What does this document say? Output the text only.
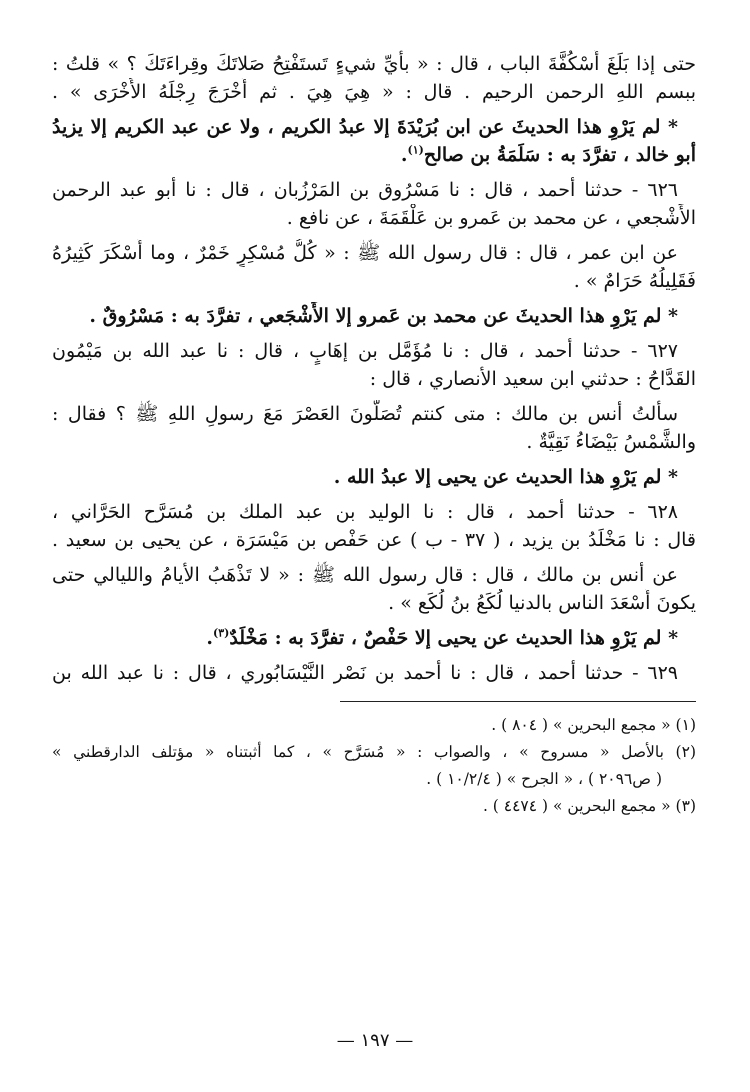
حتى إذا بَلَغَ أُسْكُفَّةَ الباب ، قال : « بأيِّ شيءٍ تَستَفْتِحُ صَلاتَكَ وقِراءَتَكَ ؟ » قلتُ :

ببسم اللهِ الرحمن الرحيم . قال : « هِيَ هِيَ . ثم أَخْرَجَ رِجْلَهُ الأُخْرَى » .

* لم يَرْوِ هذا الحديثَ عن ابن بُرَيْدَةَ إلا عبدُ الكريم ، ولا عن عبد الكريم إلا يزيدُ

أبو خالد ، تفرَّدَ به : سَلَمَةُ بن صالح$^{(١)}$.

٦٢٦ - حدثنا أحمد ، قال : نا مَسْرُوق بن المَرْزُبان ، قال : نا أبو عبد الرحمن

الأَشْجعي ، عن محمد بن عَمرو بن عَلْقَمَةَ ، عن نافع .

عن ابن عمر ، قال : قال رسول الله ﷺ : « كُلُّ مُسْكِرٍ خَمْرٌ ، وما أَسْكَرَ كَثِيرُهُ

فَقَلِيلُهُ حَرَامٌ » .

* لم يَرْوِ هذا الحديثَ عن محمد بن عَمرو إلا الأَشْجَعي ، تفرَّدَ به : مَسْرُوقٌ .

٦٢٧ - حدثنا أحمد ، قال : نا مُؤَمَّل بن إهَابٍ ، قال : نا عبد الله بن مَيْمُون

القَدَّاحُ : حدثني ابن سعيد الأنصاري ، قال :

سألتُ أنس بن مالك : متى كنتم تُصَلُّونَ العَصْرَ مَعَ رسولِ اللهِ ﷺ ؟ فقال :

والشَّمْسُ بَيْضَاءُ نَقِيَّةٌ .

* لم يَرْوِ هذا الحديث عن يحيى إلا عبدُ الله .

٦٢٨ - حدثنا أحمد ، قال : نا الوليد بن عبد الملك بن مُسَرَّح الحَرَّاني ،

قال : نا مَخْلَدُ بن يزيد ، ( ٣٧ - ب ) عن حَفْص بن مَيْسَرَة ، عن يحيى بن سعيد .

عن أنس بن مالك ، قال : قال رسول الله ﷺ : « لا تَذْهَبُ الأيامُ والليالي حتى

يكونَ أَسْعَدَ الناس بالدنيا لُكَعُ بنُ لُكَع » .

* لم يَرْوِ هذا الحديث عن يحيى إلا حَفْصٌ ، تفرَّدَ به : مَخْلَدٌ$^{(٣)}$.

٦٢٩ - حدثنا أحمد ، قال : نا أحمد بن نَصْر النَّيْسَابُوري ، قال : نا عبد الله بن

(١) « مجمع البحرين » ( ٨٠٤ ) .

(٢) بالأصل « مسروح » ، والصواب : « مُسَرَّح » ، كما أثبتناه « مؤتلف الدارقطني »

( ص٢٠٩٦ ) ، « الجرح » ( ١٠/٢/٤ ) .

(٣) « مجمع البحرين » ( ٤٤٧٤ ) .

— ١٩٧ —
